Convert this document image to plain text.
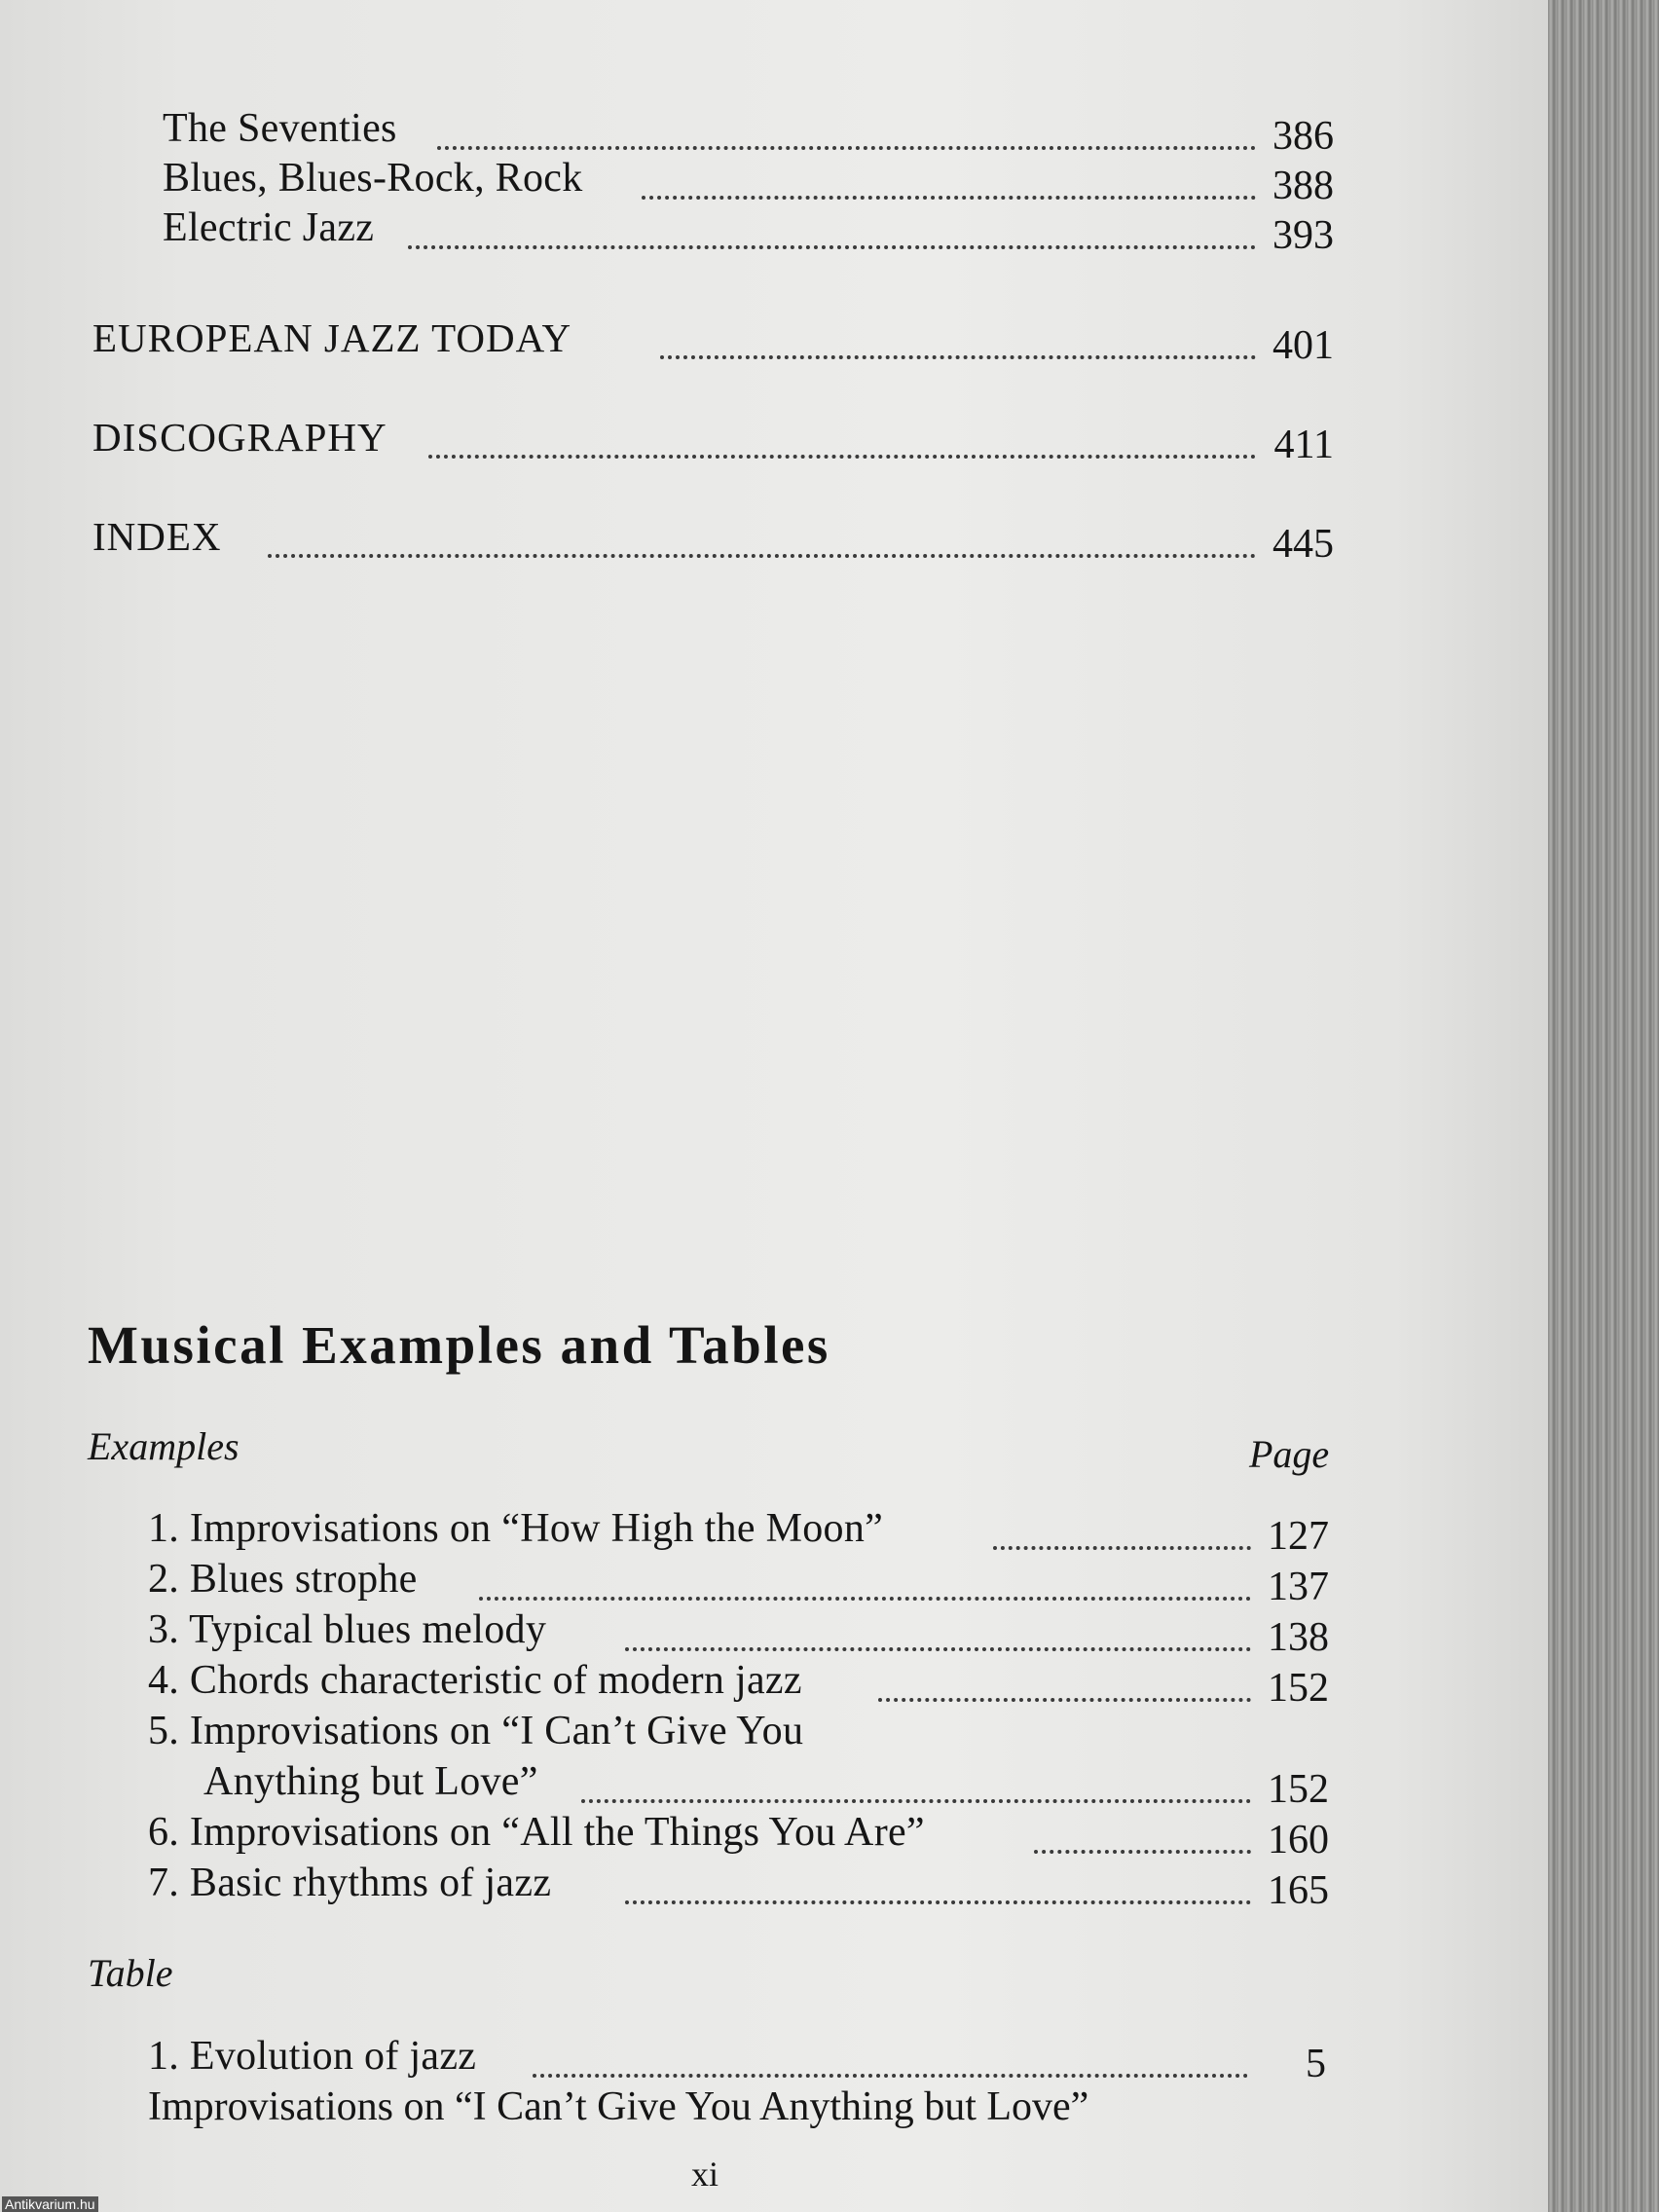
The Seventies	386
Blues, Blues-Rock, Rock	388
Electric Jazz	393
EUROPEAN JAZZ TODAY	401
DISCOGRAPHY	411
INDEX	445
Musical Examples and Tables
Examples	Page
1. Improvisations on “How High the Moon”	127
2. Blues strophe	137
3. Typical blues melody	138
4. Chords characteristic of modern jazz	152
5. Improvisations on “I Can’t Give You
Anything but Love”	152
6. Improvisations on “All the Things You Are”	160
7. Basic rhythms of jazz	165
Table
1. Evolution of jazz	5
Improvisations on “I Can’t Give You Anything but Love”
xi
Antikvarium.hu
